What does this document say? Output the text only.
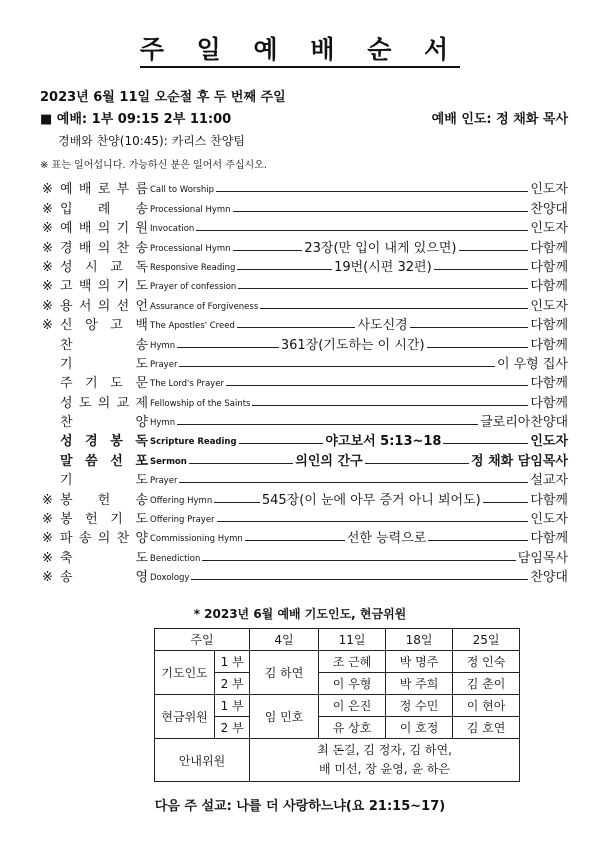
주 일 예 배 순 서
2023년 6월 11일 오순절 후 두 번째 주일
■ 예배: 1부 09:15 2부 11:00	예배 인도: 정 채화 목사
경배와 찬양(10:45): 카리스 찬양팀
※ 표는 일어섭니다. 가능하신 분은 일어서 주십시오.
※ 예 배 로 부 름 Call to Worship	인도자
※ 입 례 송 Processional Hymn	찬양대
※ 예 배 의 기 원 Invocation	인도자
※ 경 배 의 찬 송 Processional Hymn	23장(만 입이 내게 있으면)	다함께
※ 성 시 교 독 Responsive Reading	19번(시편 32편)	다함께
※ 고 백 의 기 도 Prayer of confession	다함께
※ 용 서 의 선 언 Assurance of Forgiveness	인도자
※ 신 앙 고 백 The Apostles' Creed	사도신경	다함께
찬	송 Hymn	361장(기도하는 이 시간)	다함께
기	도 Prayer	이 우형 집사
주 기 도 문 The Lord's Prayer	다함께
성 도 의 교 제 Fellowship of the Saints	다함께
찬	양 Hymn	글로리아찬양대
성 경 봉 독 Scripture Reading	야고보서 5:13~18	인도자
말 씀 선 포 Sermon	의인의 간구	정 채화 담임목사
기	도 Prayer	설교자
※ 봉 헌 송 Offering Hymn	545장(이 눈에 아무 증거 아니 뵈어도)	다함께
※ 봉 헌 기 도 Offering Prayer	인도자
※ 파 송 의 찬 양 Commissioning Hymn	선한 능력으로	다함께
※ 축	도 Benediction	담임목사
※ 송	영 Doxology	찬양대
* 2023년 6월 예배 기도인도, 현금위원
주일		4일	11일	18일	25일
기도인도	1 부	김 하연	조 근혜	박 명주	정 인숙
	2 부		이 우형	박 주희	김 춘이
현금위원	1 부	임 민호	이 은진	정 수민	이 현아
	2 부		유 상호	이 호정	김 호연
안내위원		최 돈길, 김 정자, 김 하연,
배 미선, 장 윤영, 윤 하은			
다음 주 설교: 나를 더 사랑하느냐(요 21:15~17)
